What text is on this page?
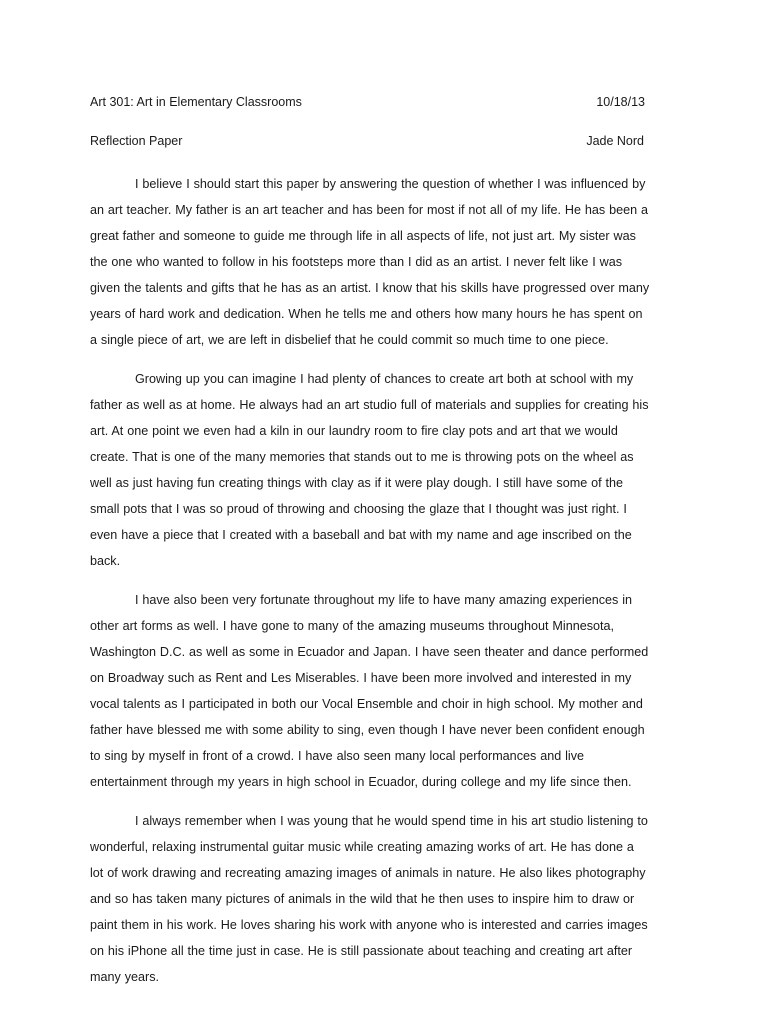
Art 301: Art in Elementary Classrooms	10/18/13
Reflection Paper	Jade Nord

I believe I should start this paper by answering the question of whether I was influenced by an art teacher. My father is an art teacher and has been for most if not all of my life. He has been a great father and someone to guide me through life in all aspects of life, not just art. My sister was the one who wanted to follow in his footsteps more than I did as an artist. I never felt like I was given the talents and gifts that he has as an artist. I know that his skills have progressed over many years of hard work and dedication. When he tells me and others how many hours he has spent on a single piece of art, we are left in disbelief that he could commit so much time to one piece.

Growing up you can imagine I had plenty of chances to create art both at school with my father as well as at home. He always had an art studio full of materials and supplies for creating his art. At one point we even had a kiln in our laundry room to fire clay pots and art that we would create. That is one of the many memories that stands out to me is throwing pots on the wheel as well as just having fun creating things with clay as if it were play dough. I still have some of the small pots that I was so proud of throwing and choosing the glaze that I thought was just right. I even have a piece that I created with a baseball and bat with my name and age inscribed on the back.

I have also been very fortunate throughout my life to have many amazing experiences in other art forms as well. I have gone to many of the amazing museums throughout Minnesota, Washington D.C. as well as some in Ecuador and Japan. I have seen theater and dance performed on Broadway such as Rent and Les Miserables. I have been more involved and interested in my vocal talents as I participated in both our Vocal Ensemble and choir in high school. My mother and father have blessed me with some ability to sing, even though I have never been confident enough to sing by myself in front of a crowd. I have also seen many local performances and live entertainment through my years in high school in Ecuador, during college and my life since then.

I always remember when I was young that he would spend time in his art studio listening to wonderful, relaxing instrumental guitar music while creating amazing works of art. He has done a lot of work drawing and recreating amazing images of animals in nature. He also likes photography and so has taken many pictures of animals in the wild that he then uses to inspire him to draw or paint them in his work. He loves sharing his work with anyone who is interested and carries images on his iPhone all the time just in case. He is still passionate about teaching and creating art after many years.
